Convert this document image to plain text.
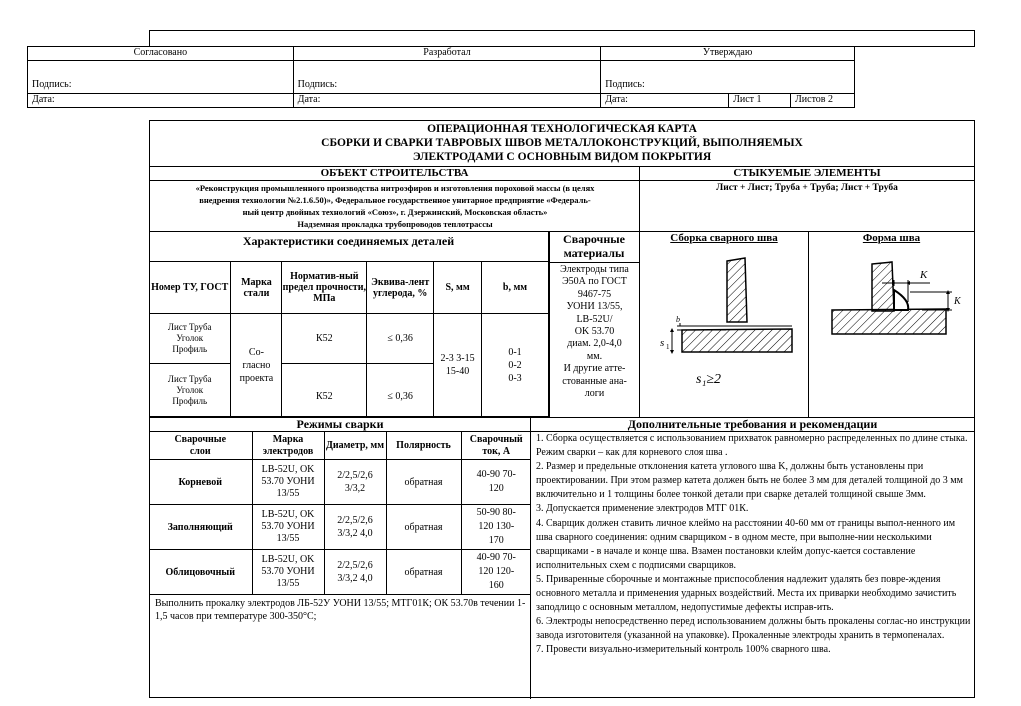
Согласовано	Разработал	Утверждаю		
Подпись:	Подпись:	Подпись:		
Дата:	Дата:	Дата:	Лист 1	Листов 2
ОПЕРАЦИОННАЯ ТЕХНОЛОГИЧЕСКАЯ КАРТА
СБОРКИ И СВАРКИ ТАВРОВЫХ ШВОВ МЕТАЛЛОКОНСТРУКЦИЙ, ВЫПОЛНЯЕМЫХ
ЭЛЕКТРОДАМИ С ОСНОВНЫМ ВИДОМ ПОКРЫТИЯ
ОБЪЕКТ СТРОИТЕЛЬСТВА
«Реконструкция промышленного производства нитроэфиров и изготовления пороховой массы (в целях
внедрения технологии №2.1.6.50)», Федеральное государственное унитарное предприятие «Федераль-
ный центр двойных технологий «Союз», г. Дзержинский, Московская область»
Надземная прокладка трубопроводов теплотрассы
СТЫКУЕМЫЕ ЭЛЕМЕНТЫ
Лист + Лист; Труба + Труба; Лист + Труба
Характеристики соединяемых деталей					
Номер ТУ, ГОСТ	Марка стали	Норматив-ный предел прочности, МПа	Эквива-лент углерода, %	S, мм	b, мм
Лист Труба Уголок Профиль	Со-гласно проекта	К52	≤ 0,36	2-3 3-15 15-40	0-1 0-2 0-3
Лист Труба Уголок Профиль		К52	≤ 0,36		
Сварочные материалы
Электроды типа
Э50А по ГОСТ
9467-75
УОНИ 13/55,
LB-52U/
OK 53.70
диам. 2,0-4,0
мм.
И другие атте-
стованные ана-
логи
Сборка сварного шва	Форма шва
s 1
b
s₁≥2
K
K
Режимы сварки
Сварочные слои	Марка электродов	Диаметр, мм	Полярность	Сварочный ток, А
Корневой	LB-52U, OK 53.70 УОНИ 13/55	2/2,5/2,6 3/3,2	обратная	40-90 70-120
Заполняющий	LB-52U, OK 53.70 УОНИ 13/55	2/2,5/2,6 3/3,2 4,0	обратная	50-90 80-120 130-170
Облицовочный	LB-52U, OK 53.70 УОНИ 13/55	2/2,5/2,6 3/3,2 4,0	обратная	40-90 70-120 120-160
Выполнить прокалку электродов ЛБ-52У УОНИ 13/55; МТГ01К; ОК 53.70в течении 1-1,5 часов при температуре 300-350°С;
Дополнительные требования и рекомендации
1. Сборка осуществляется с использованием прихваток равномерно распределенных по длине стыка. Режим сварки – как для корневого слоя шва .
2. Размер и предельные отклонения катета углового шва K, должны быть установлены при проектировании. При этом размер катета должен быть не более 3 мм для деталей толщиной до 3 мм включительно и 1 толщины более тонкой детали при сварке деталей толщиной свыше 3мм.
3. Допускается применение электродов МТГ 01К.
4. Сварщик должен ставить личное клеймо на расстоянии 40-60 мм от границы выпол-ненного им шва сварного соединения: одним сварщиком - в одном месте, при выполне-нии несколькими сварщиками - в начале и конце шва. Взамен постановки клейм допус-кается составление исполнительных схем с подписями сварщиков.
5. Приваренные сборочные и монтажные приспособления надлежит удалять без повре-ждения основного металла и применения ударных воздействий. Места их приварки необходимо зачистить заподлицо с основным металлом, недопустимые дефекты исправ-ить.
6. Электроды непосредственно перед использованием должны быть прокалены соглас-но инструкции завода изготовителя (указанной на упаковке). Прокаленные электроды хранить в термопеналах.
7. Провести визуально-измерительный контроль 100% сварного шва.
